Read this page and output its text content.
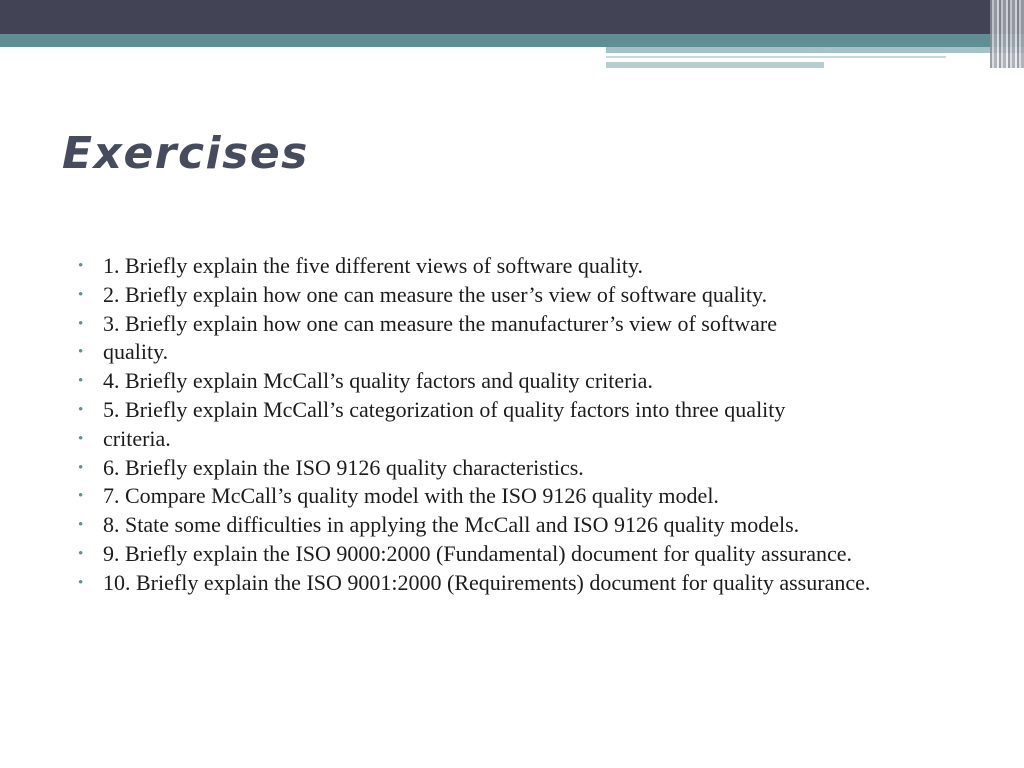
Exercises
• 1. Briefly explain the five different views of software quality.
• 2. Briefly explain how one can measure the user’s view of software quality.
• 3. Briefly explain how one can measure the manufacturer’s view of software
• quality.
• 4. Briefly explain McCall’s quality factors and quality criteria.
• 5. Briefly explain McCall’s categorization of quality factors into three quality
• criteria.
• 6. Briefly explain the ISO 9126 quality characteristics.
• 7. Compare McCall’s quality model with the ISO 9126 quality model.
• 8. State some difficulties in applying the McCall and ISO 9126 quality models.
• 9. Briefly explain the ISO 9000:2000 (Fundamental) document for quality assurance.
• 10. Briefly explain the ISO 9001:2000 (Requirements) document for quality assurance.
